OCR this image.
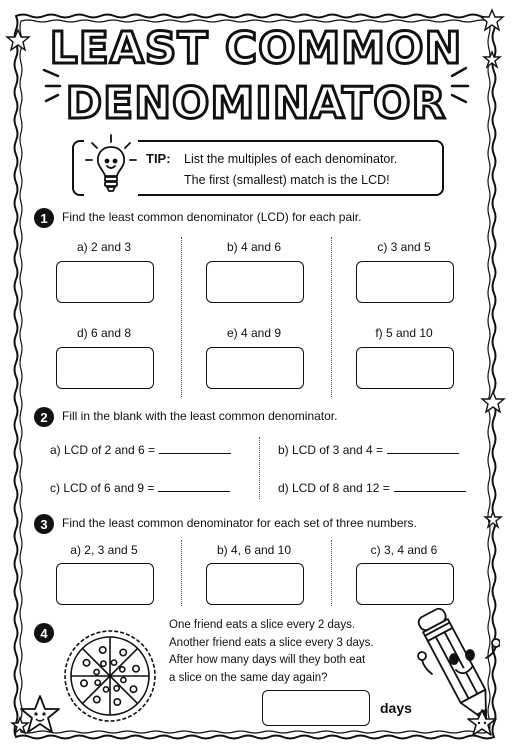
LEAST COMMON
DENOMINATOR
TIP: List the multiples of each denominator.
The first (smallest) match is the LCD!
1	Find the least common denominator (LCD) for each pair.
a) 2 and 3	b) 4 and 6	c) 3 and 5
d) 6 and 8	e) 4 and 9	f) 5 and 10
2	Fill in the blank with the least common denominator.
a) LCD of 2 and 6 =	b) LCD of 3 and 4 =
c) LCD of 6 and 9 =	d) LCD of 8 and 12 =
3	Find the least common denominator for each set of three numbers.
a) 2, 3 and 5	b) 4, 6 and 10	c) 3, 4 and 6
4
One friend eats a slice every 2 days.
Another friend eats a slice every 3 days.
After how many days will they both eat
a slice on the same day again?
days
